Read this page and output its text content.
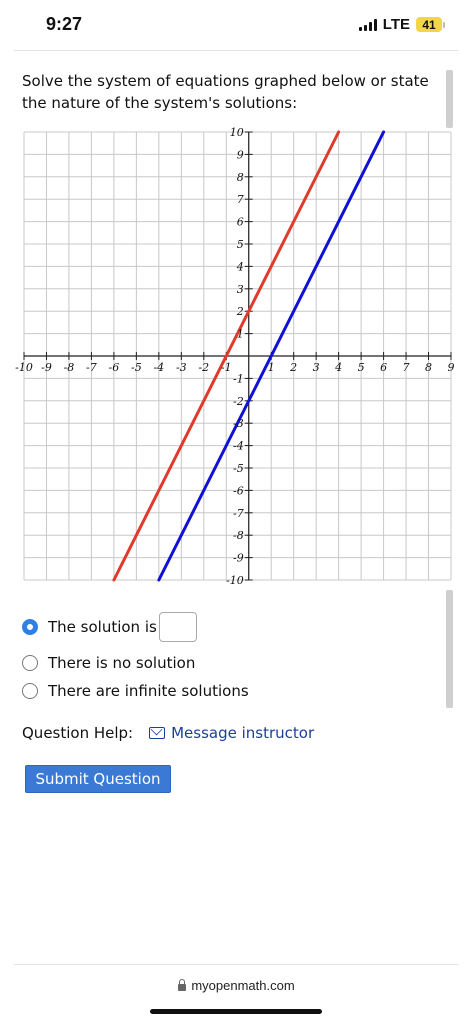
9:27	LTE	41
Solve the system of equations graphed below or state the nature of the system's solutions:
-10 -9 -8 -7 -6 -5 -4 -3 -2 -1	1 2 3 4 5 6 7 8 9
10
9
8
7
6
5
4
3
2
1
-1
-2
-3
-4
-5
-6
-7
-8
-9
-10
The solution is
There is no solution
There are infinite solutions
Question Help:	Message instructor
Submit Question
myopenmath.com
